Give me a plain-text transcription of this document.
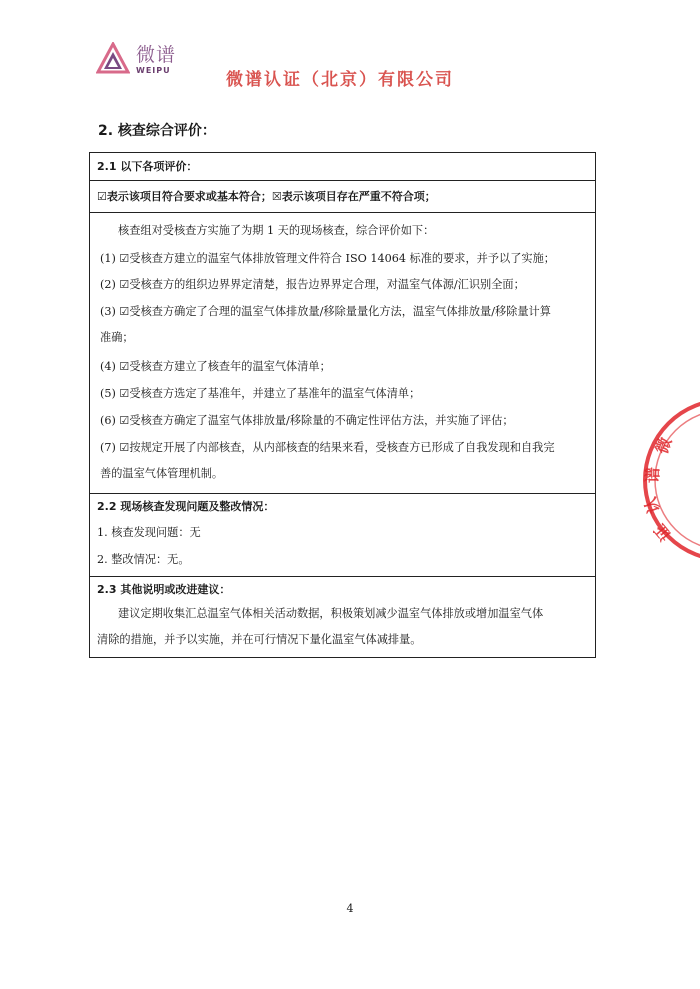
微谱
WEIPU	微谱认证（北京）有限公司
2. 核查综合评价：
2.1 以下各项评价：
☑表示该项目符合要求或基本符合；☒表示该项目存在严重不符合项；
核查组对受核查方实施了为期 1 天的现场核查，综合评价如下：
(1) ☑受核查方建立的温室气体排放管理文件符合 ISO 14064 标准的要求，并予以了实施；
(2) ☑受核查方的组织边界界定清楚，报告边界界定合理，对温室气体源/汇识别全面；
(3) ☑受核查方确定了合理的温室气体排放量/移除量量化方法，温室气体排放量/移除量计算
准确；
(4) ☑受核查方建立了核查年的温室气体清单；
(5) ☑受核查方选定了基准年，并建立了基准年的温室气体清单；
(6) ☑受核查方确定了温室气体排放量/移除量的不确定性评估方法，并实施了评估；
(7) ☑按规定开展了内部核查，从内部核查的结果来看，受核查方已形成了自我发现和自我完
善的温室气体管理机制。
2.2 现场核查发现问题及整改情况：
1. 核查发现问题：无
2. 整改情况：无。
2.3 其他说明或改进建议：
建议定期收集汇总温室气体相关活动数据，积极策划减少温室气体排放或增加温室气体
清除的措施，并予以实施，并在可行情况下量化温室气体减排量。
微
谱
认
证
4
